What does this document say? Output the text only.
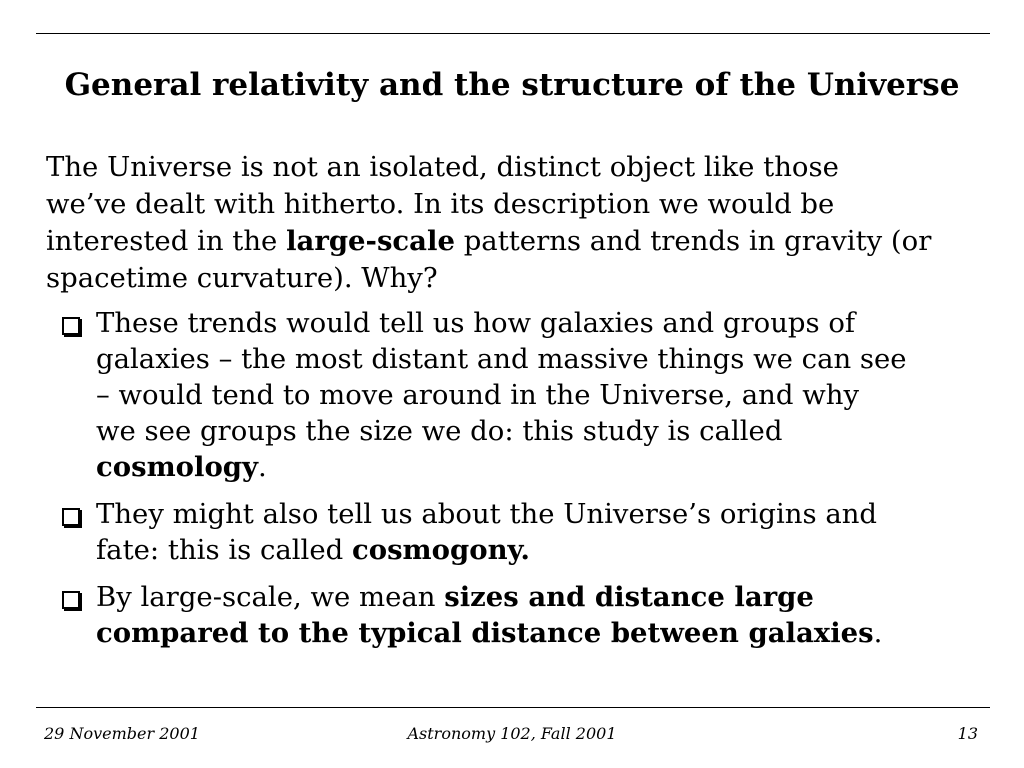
General relativity and the structure of the Universe
The Universe is not an isolated, distinct object like those
we’ve dealt with hitherto. In its description we would be
interested in the large-scale patterns and trends in gravity (or
spacetime curvature). Why?
These trends would tell us how galaxies and groups of
galaxies – the most distant and massive things we can see
– would tend to move around in the Universe, and why
we see groups the size we do: this study is called
cosmology.
They might also tell us about the Universe’s origins and
fate: this is called cosmogony.
By large-scale, we mean sizes and distance large
compared to the typical distance between galaxies.
29 November 2001	Astronomy 102, Fall 2001	13
